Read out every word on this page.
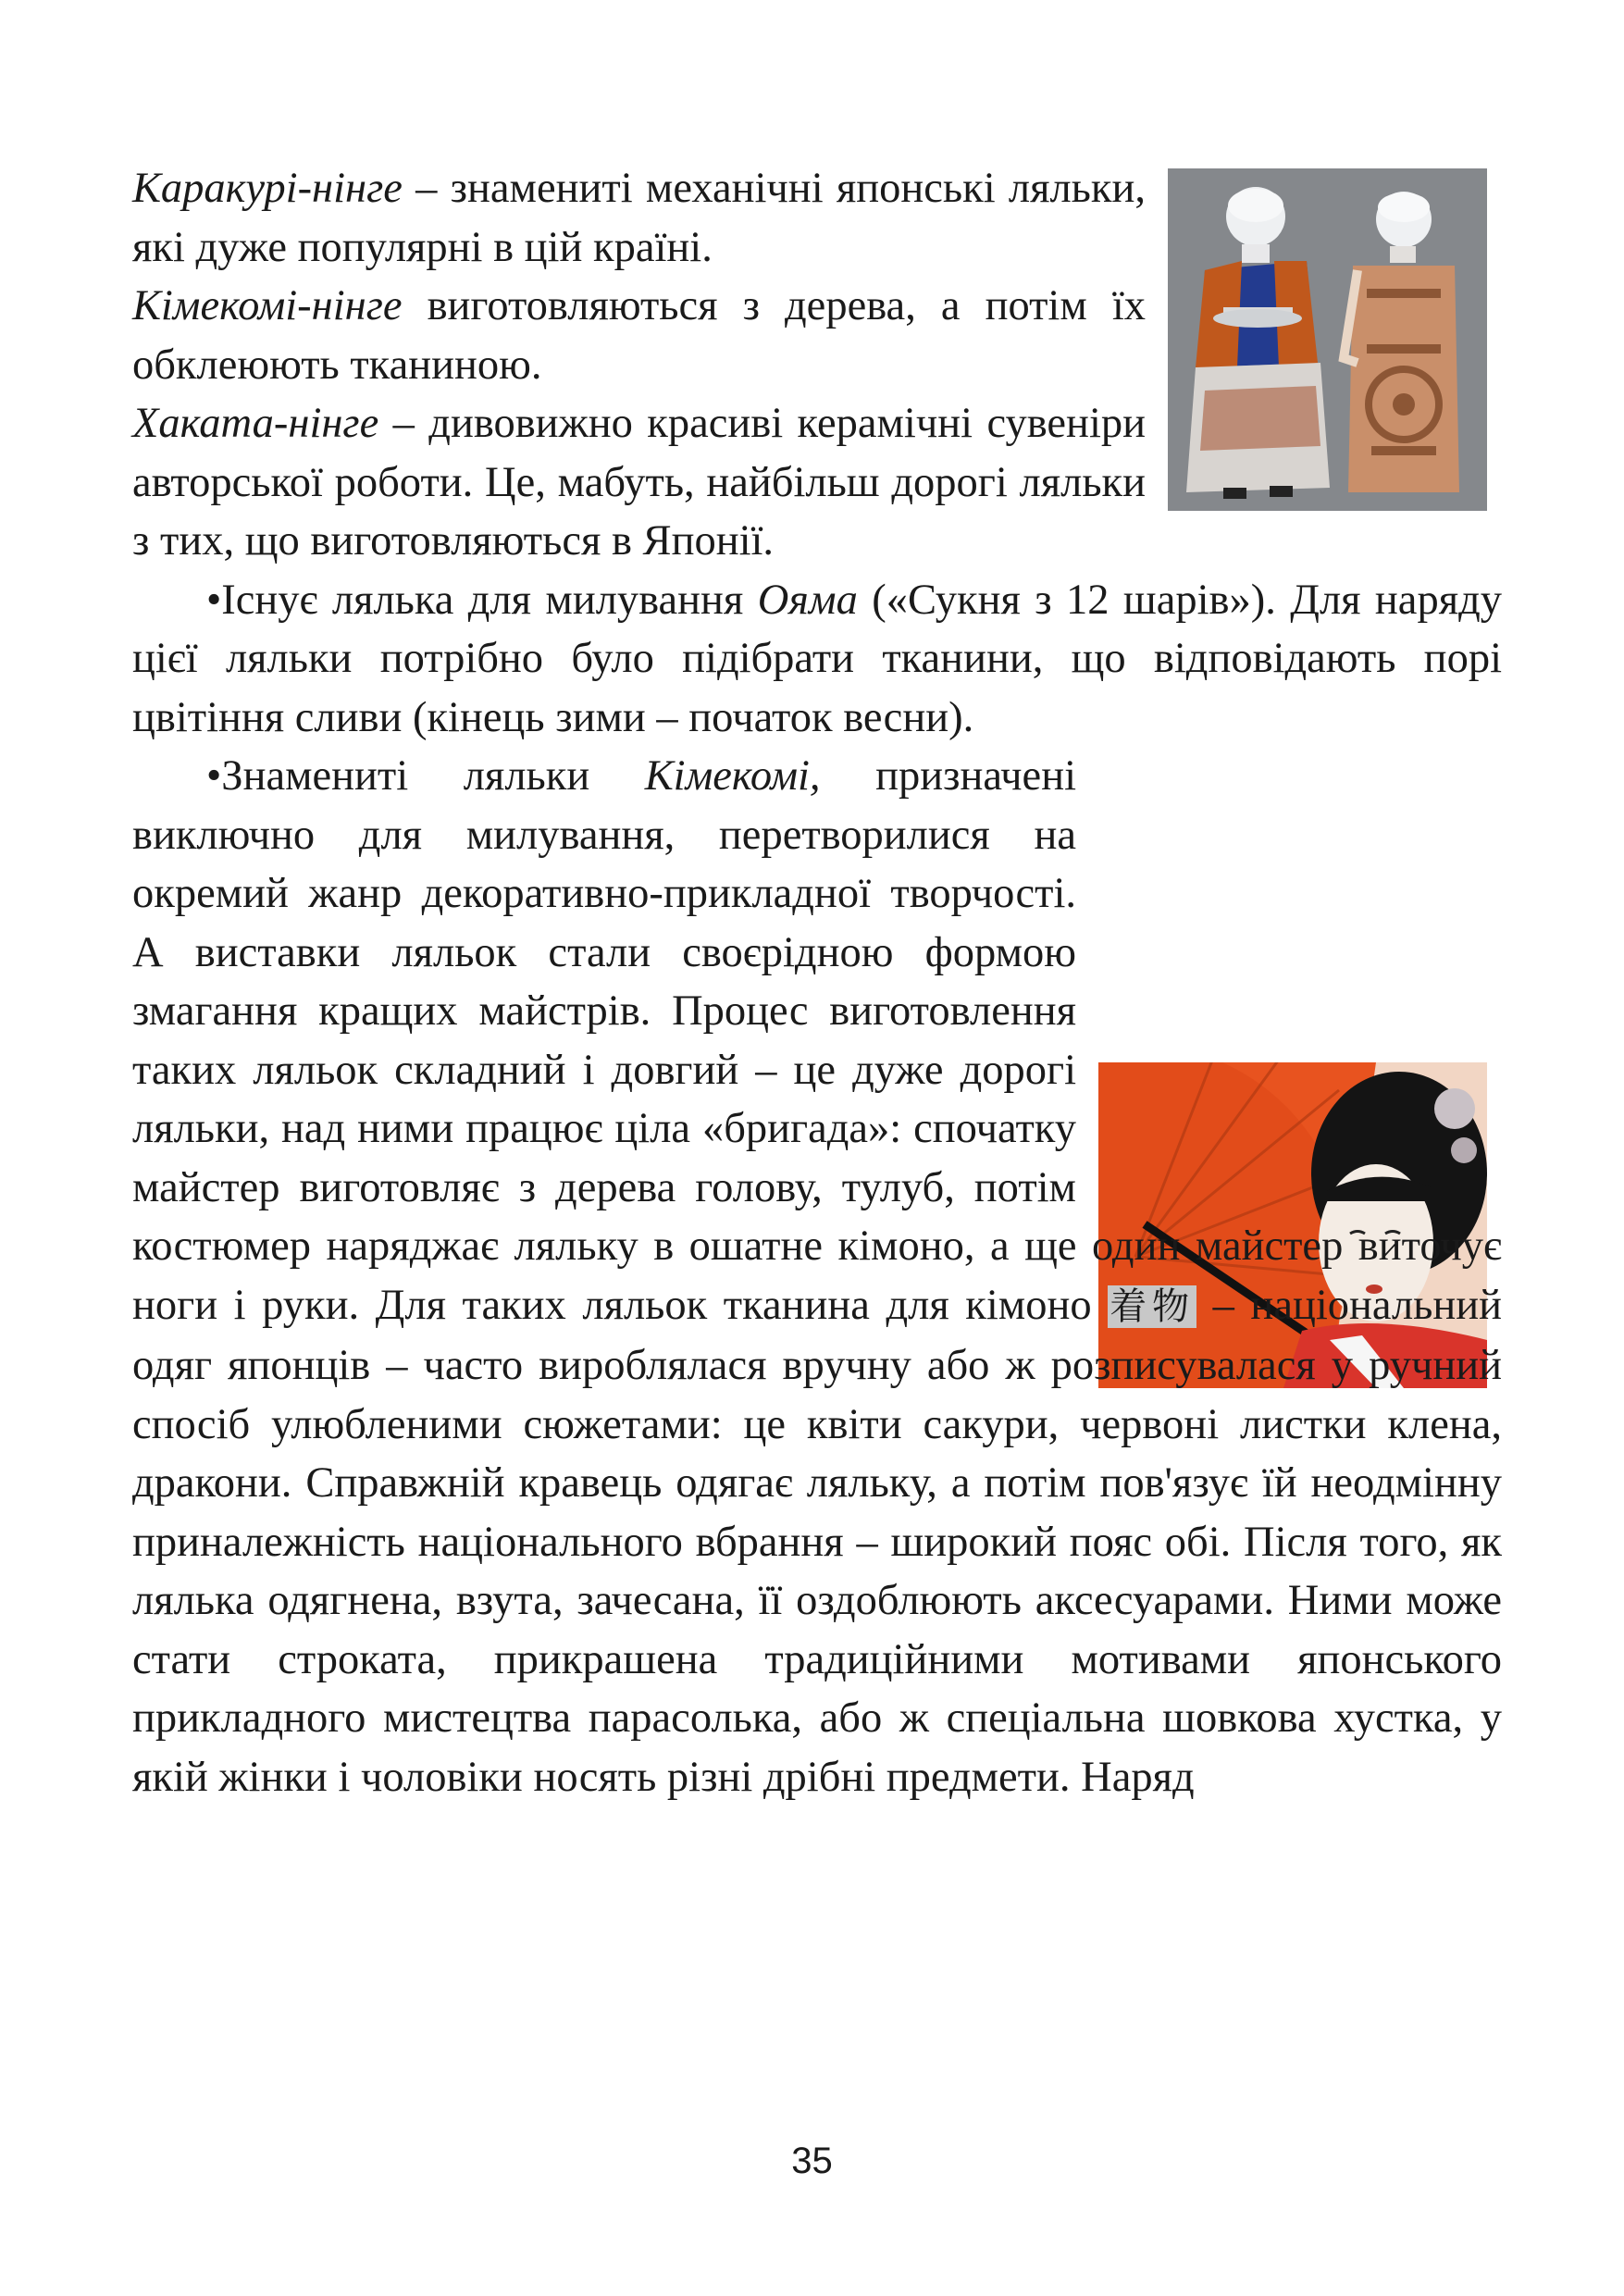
Каракурі-нінге – знамениті механічні японські ляльки, які дуже популярні в цій країні.

Кімекомі-нінге виготовляються з дерева, а потім їх обклеюють тканиною.

Хаката-нінге – дивовижно красиві керамічні сувеніри авторської роботи. Це, мабуть, найбільш дорогі ляльки з тих, що виготовляються в Японії.

•Існує лялька для милування Ояма («Сукня з 12 шарів»). Для наряду цієї ляльки потрібно було підібрати тканини, що відповідають порі цвітіння сливи (кінець зими – початок весни).

•Знамениті ляльки Кімекомі,
призначені виключно для милування, перетворилися на окремий жанр декоративно-прикладної творчості. А виставки ляльок стали своєрідною формою змагання кращих майстрів. Процес виготовлення таких ляльок складний і довгий – це дуже дорогі ляльки, над ними працює ціла «бригада»: спочатку майстер виготовляє з дерева голову, тулуб, потім костюмер наряджає ляльку в ошатне кімоно, а ще один майстер виточує ноги і руки. Для таких ляльок тканина для кімоно 着物 – національний одяг японців – часто вироблялася вручну або ж розписувалася у ручний спосіб улюбленими сюжетами: це квіти сакури, червоні листки клена, дракони. Справжній кравець одягає ляльку, а потім пов'язує їй неодмінну приналежність національного вбрання – широкий пояс обі. Після того, як лялька одягнена, взута, зачесана, її оздоблюють аксесуарами. Ними може стати строката, прикрашена традиційними мотивами японського прикладного мистецтва парасолька, або ж спеціальна шовкова хустка, у якій жінки і чоловіки носять різні дрібні предмети. Наряд

35
